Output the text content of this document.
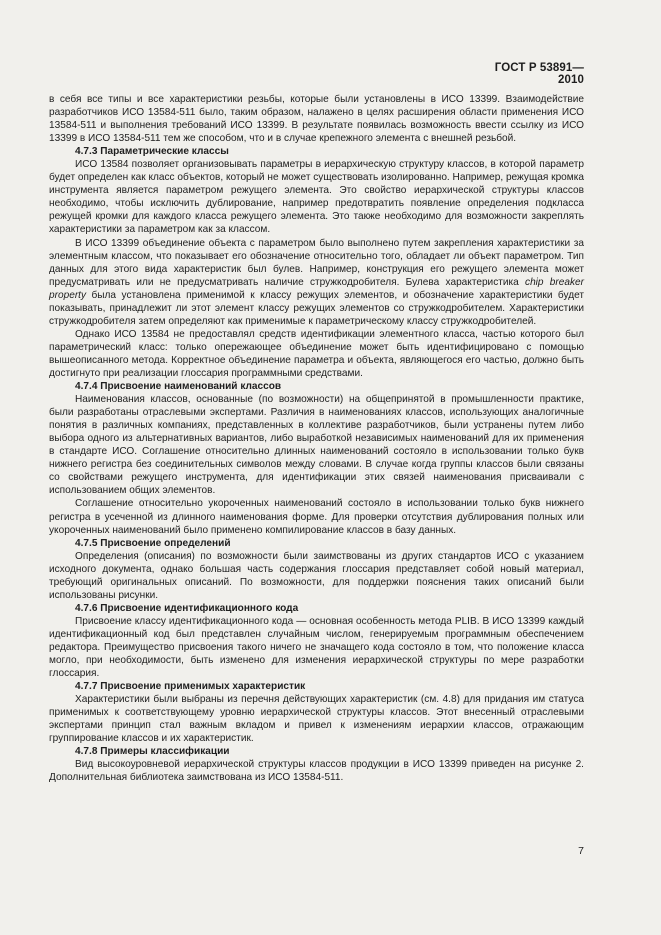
ГОСТ Р 53891—2010

в себя все типы и все характеристики резьбы, которые были установлены в ИСО 13399. Взаимодействие разработчиков ИСО 13584-511 было, таким образом, налажено в целях расширения области применения ИСО 13584-511 и выполнения требований ИСО 13399. В результате появилась возможность ввести ссылку из ИСО 13399 в ИСО 13584-511 тем же способом, что и в случае крепежного элемента с внешней резьбой.

4.7.3 Параметрические классы

ИСО 13584 позволяет организовывать параметры в иерархическую структуру классов, в которой параметр будет определен как класс объектов, который не может существовать изолированно. Например, режущая кромка инструмента является параметром режущего элемента. Это свойство иерархической структуры классов необходимо, чтобы исключить дублирование, например предотвратить появление определения подкласса режущей кромки для каждого класса режущего элемента. Это также необходимо для возможности закреплять характеристики за параметром как за классом.

В ИСО 13399 объединение объекта с параметром было выполнено путем закрепления характеристики за элементным классом, что показывает его обозначение относительно того, обладает ли объект параметром. Тип данных для этого вида характеристик был булев. Например, конструкция его режущего элемента может предусматривать или не предусматривать наличие стружкодробителя. Булева характеристика chip breaker property была установлена применимой к классу режущих элементов, и обозначение характеристики будет показывать, принадлежит ли этот элемент классу режущих элементов со стружкодробителем. Характеристики стружкодробителя затем определяют как применимые к параметрическому классу стружкодробителей.

Однако ИСО 13584 не предоставлял средств идентификации элементного класса, частью которого был параметрический класс: только опережающее объединение может быть идентифицировано с помощью вышеописанного метода. Корректное объединение параметра и объекта, являющегося его частью, должно быть достигнуто при реализации глоссария программными средствами.

4.7.4 Присвоение наименований классов

Наименования классов, основанные (по возможности) на общепринятой в промышленности практике, были разработаны отраслевыми экспертами. Различия в наименованиях классов, использующих аналогичные понятия в различных компаниях, представленных в коллективе разработчиков, были устранены путем либо выбора одного из альтернативных вариантов, либо выработкой независимых наименований для их применения в стандарте ИСО. Соглашение относительно длинных наименований состояло в использовании только букв нижнего регистра без соединительных символов между словами. В случае когда группы классов были связаны со свойствами режущего инструмента, для идентификации этих связей наименования присваивали с использованием общих элементов.

Соглашение относительно укороченных наименований состояло в использовании только букв нижнего регистра в усеченной из длинного наименования форме. Для проверки отсутствия дублирования полных или укороченных наименований было применено компилирование классов в базу данных.

4.7.5 Присвоение определений

Определения (описания) по возможности были заимствованы из других стандартов ИСО с указанием исходного документа, однако большая часть содержания глоссария представляет собой новый материал, требующий оригинальных описаний. По возможности, для поддержки пояснения таких описаний были использованы рисунки.

4.7.6 Присвоение идентификационного кода

Присвоение классу идентификационного кода — основная особенность метода PLIB. В ИСО 13399 каждый идентификационный код был представлен случайным числом, генерируемым программным обеспечением редактора. Преимущество присвоения такого ничего не значащего кода состояло в том, что положение класса могло, при необходимости, быть изменено для изменения иерархической структуры по мере разработки глоссария.

4.7.7 Присвоение применимых характеристик

Характеристики были выбраны из перечня действующих характеристик (см. 4.8) для придания им статуса применимых к соответствующему уровню иерархической структуры классов. Этот внесенный отраслевыми экспертами принцип стал важным вкладом и привел к изменениям иерархии классов, отражающим группирование классов и их характеристик.

4.7.8 Примеры классификации

Вид высокоуровневой иерархической структуры классов продукции в ИСО 13399 приведен на рисунке 2. Дополнительная библиотека заимствована из ИСО 13584-511.

7
